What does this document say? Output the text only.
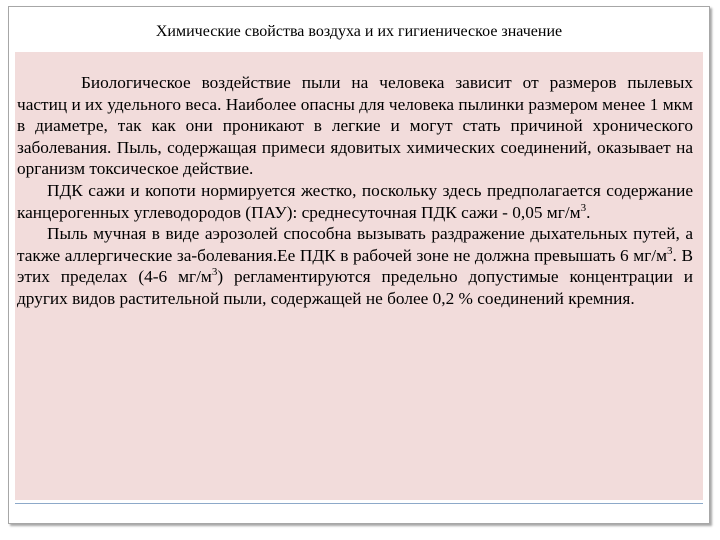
Химические свойства воздуха и их гигиеническое значение

Биологическое воздействие пыли на человека зависит от размеров пылевых частиц и их удельного веса. Наиболее опасны для человека пылинки размером менее 1 мкм в диаметре, так как они проникают в легкие и могут стать причиной хронического заболевания. Пыль, содержащая примеси ядовитых химических соединений, оказывает на организм токсическое действие.

ПДК сажи и копоти нормируется жестко, поскольку здесь предполагается содержание канцерогенных углеводородов (ПАУ): среднесуточная ПДК сажи - 0,05 $мг/м^3$.

Пыль мучная в виде аэрозолей способна вызывать раздражение дыхательных путей, а также аллергические за-болевания.Ее ПДК в рабочей зоне не должна превышать 6 $мг/м^3$. В этих пределах (4-6 $мг/м^3$) регламентируются предельно допустимые концентрации и других видов растительной пыли, содержащей не более 0,2 % соединений кремния.
